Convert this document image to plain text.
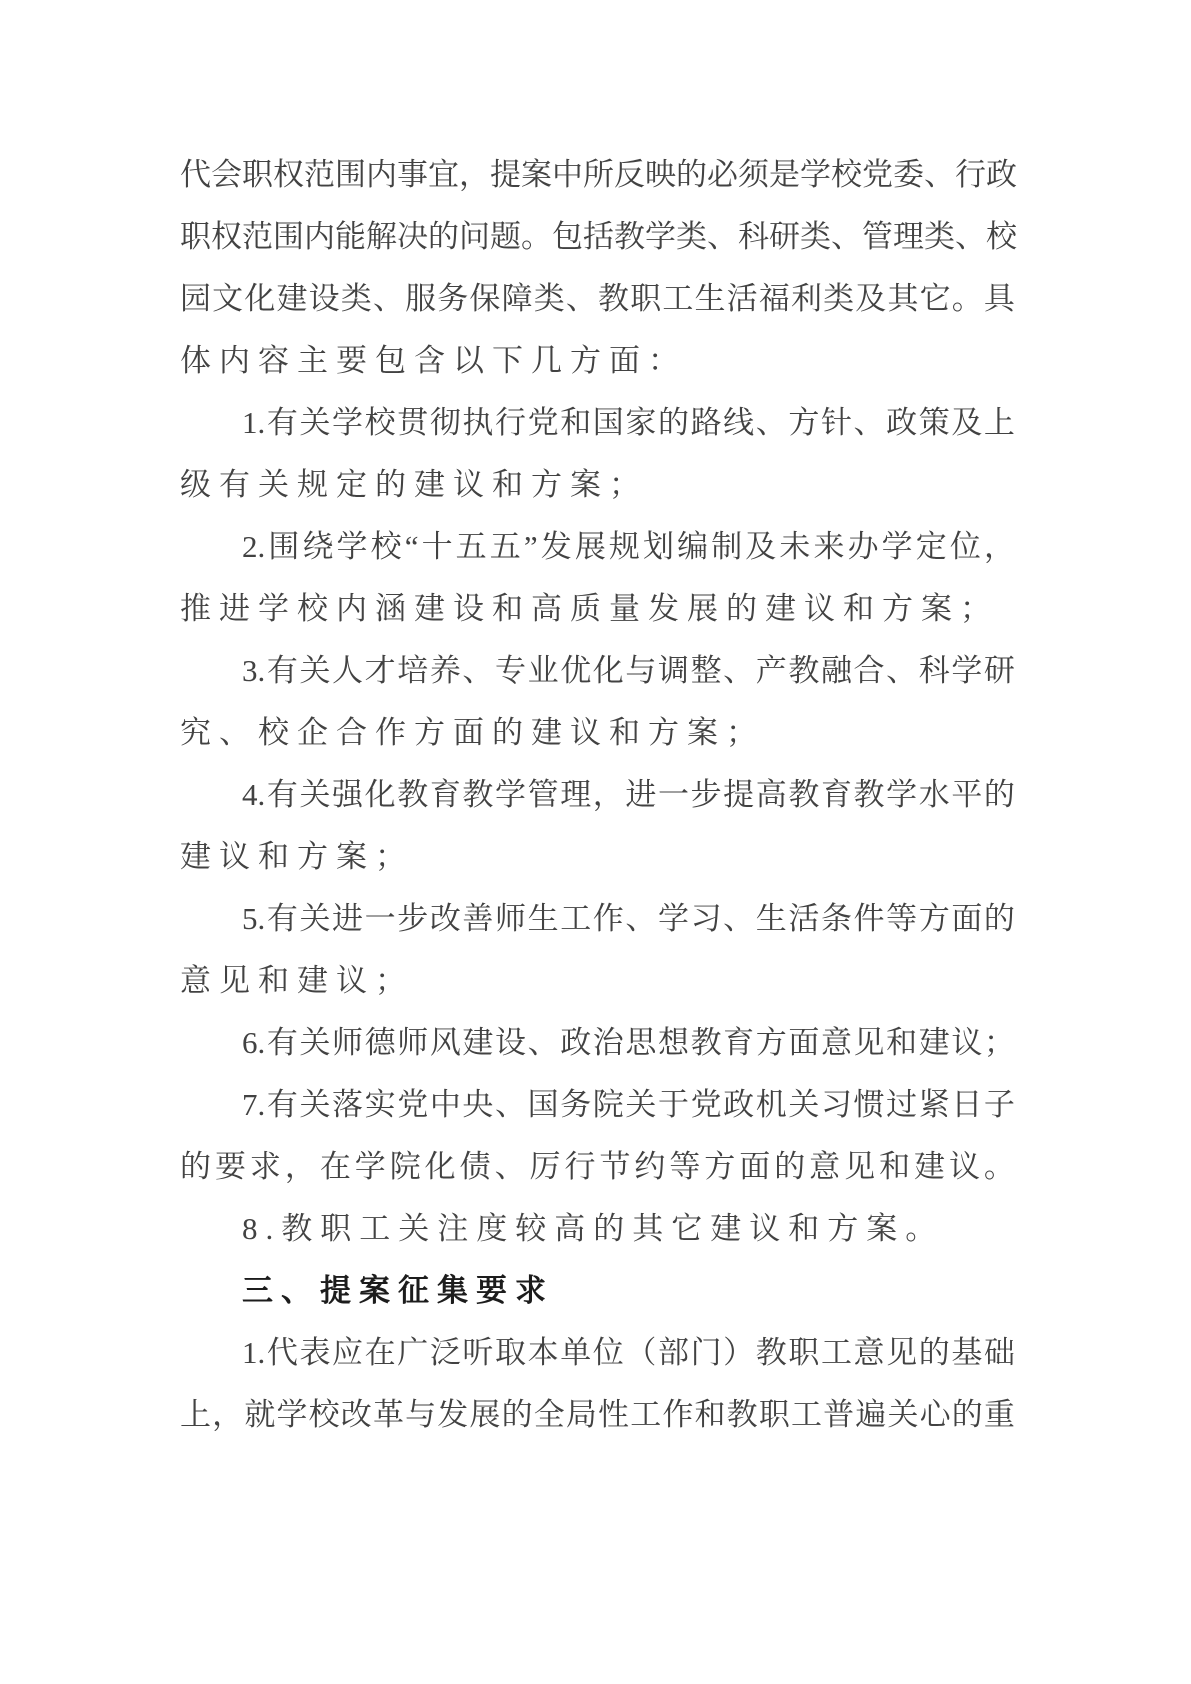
代 会 职 权 范 围 内 事 宜 ， 提 案 中 所 反 映 的 必 须 是 学 校 党 委 、 行 政
职 权 范 围 内 能 解 决 的 问 题 。 包 括 教 学 类 、 科 研 类 、 管 理 类 、 校
园 文 化 建 设 类 、 服 务 保 障 类 、 教 职 工 生 活 福 利 类 及 其 它 。 具
体内容主要包含以下几方面：
1. 有 关 学 校 贯 彻 执 行 党 和 国 家 的 路 线 、 方 针 、 政 策 及 上
级有关规定的建议和方案；
2. 围 绕 学 校 “ 十 五 五 ” 发 展 规 划 编 制 及 未 来 办 学 定 位 ，
推进学校内涵建设和高质量发展的建议和方案；
3. 有 关 人 才 培 养 、 专 业 优 化 与 调 整 、 产 教 融 合 、 科 学 研
究、校企合作方面的建议和方案；
4. 有 关 强 化 教 育 教 学 管 理 ， 进 一 步 提 高 教 育 教 学 水 平 的
建议和方案；
5. 有 关 进 一 步 改 善 师 生 工 作 、 学 习 、 生 活 条 件 等 方 面 的
意见和建议；
6. 有 关 师 德 师 风 建 设 、 政 治 思 想 教 育 方 面 意 见 和 建 议 ；
7. 有 关 落 实 党 中 央 、 国 务 院 关 于 党 政 机 关 习 惯 过 紧 日 子
的 要 求 ， 在 学 院 化 债 、 厉 行 节 约 等 方 面 的 意 见 和 建 议 。
8.教职工关注度较高的其它建议和方案。
三、提案征集要求
1. 代 表 应 在 广 泛 听 取 本 单 位 （ 部 门 ） 教 职 工 意 见 的 基 础
上 ， 就 学 校 改 革 与 发 展 的 全 局 性 工 作 和 教 职 工 普 遍 关 心 的 重
